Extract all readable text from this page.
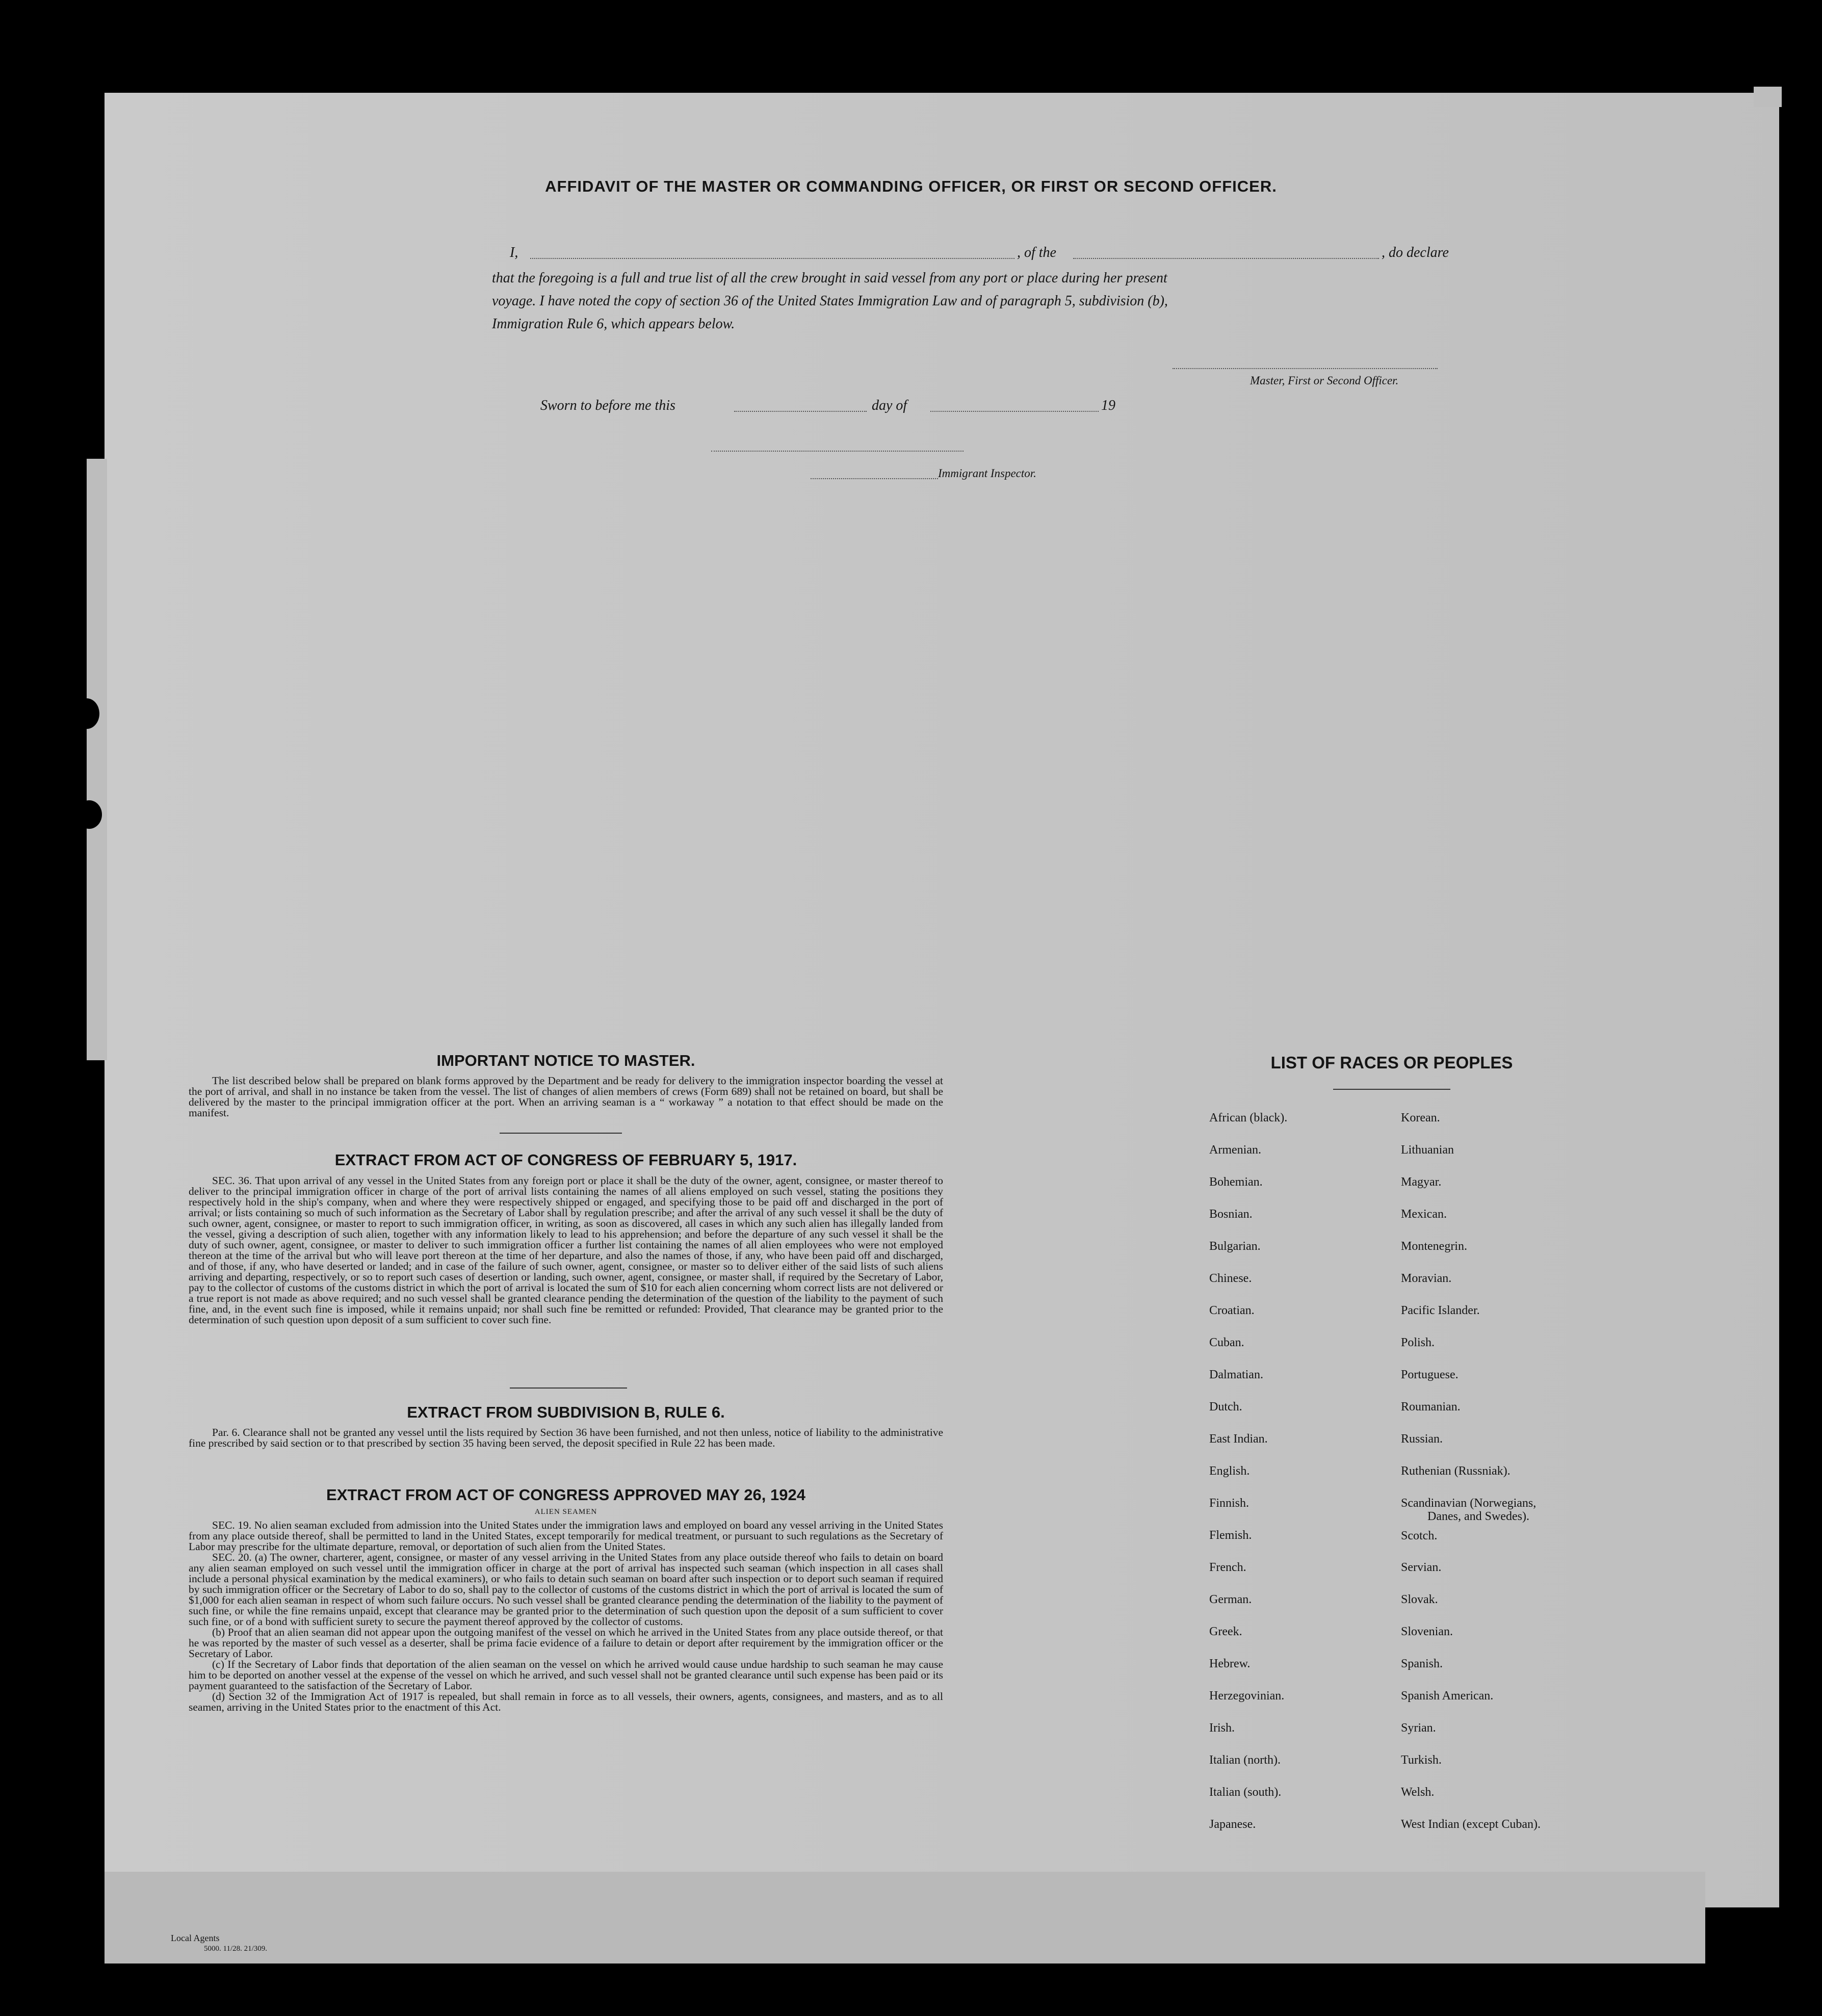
AFFIDAVIT OF THE MASTER OR COMMANDING OFFICER, OR FIRST OR SECOND OFFICER.
I,	, of the	, do declare
that the foregoing is a full and true list of all the crew brought in said vessel from any port or place during her present
voyage. I have noted the copy of section 36 of the United States Immigration Law and of paragraph 5, subdivision (b),
Immigration Rule 6, which appears below.
Master, First or Second Officer.
Sworn to before me this	day of	19
Immigrant Inspector.
IMPORTANT NOTICE TO MASTER.

The list described below shall be prepared on blank forms approved by the Department and be ready for delivery to the immigration inspector boarding the vessel at the port of arrival, and shall in no instance be taken from the vessel. The list of changes of alien members of crews (Form 689) shall not be retained on board, but shall be delivered by the master to the principal immigration officer at the port. When an arriving seaman is a “ workaway ” a notation to that effect should be made on the manifest.

EXTRACT FROM ACT OF CONGRESS OF FEBRUARY 5, 1917.

SEC. 36. That upon arrival of any vessel in the United States from any foreign port or place it shall be the duty of the owner, agent, consignee, or master thereof to deliver to the principal immigration officer in charge of the port of arrival lists containing the names of all aliens employed on such vessel, stating the positions they respectively hold in the ship's company, when and where they were respectively shipped or engaged, and specifying those to be paid off and discharged in the port of arrival; or lists containing so much of such information as the Secretary of Labor shall by regulation prescribe; and after the arrival of any such vessel it shall be the duty of such owner, agent, consignee, or master to report to such immigration officer, in writing, as soon as discovered, all cases in which any such alien has illegally landed from the vessel, giving a description of such alien, together with any information likely to lead to his apprehension; and before the departure of any such vessel it shall be the duty of such owner, agent, consignee, or master to deliver to such immigration officer a further list containing the names of all alien employees who were not employed thereon at the time of the arrival but who will leave port thereon at the time of her departure, and also the names of those, if any, who have been paid off and discharged, and of those, if any, who have deserted or landed; and in case of the failure of such owner, agent, consignee, or master so to deliver either of the said lists of such aliens arriving and departing, respectively, or so to report such cases of desertion or landing, such owner, agent, consignee, or master shall, if required by the Secretary of Labor, pay to the collector of customs of the customs district in which the port of arrival is located the sum of $10 for each alien concerning whom correct lists are not delivered or a true report is not made as above required; and no such vessel shall be granted clearance pending the determination of the question of the liability to the payment of such fine, and, in the event such fine is imposed, while it remains unpaid; nor shall such fine be remitted or refunded: Provided, That clearance may be granted prior to the determination of such question upon deposit of a sum sufficient to cover such fine.

EXTRACT FROM SUBDIVISION B, RULE 6.

Par. 6. Clearance shall not be granted any vessel until the lists required by Section 36 have been furnished, and not then unless, notice of liability to the administrative fine prescribed by said section or to that prescribed by section 35 having been served, the deposit specified in Rule 22 has been made.

EXTRACT FROM ACT OF CONGRESS APPROVED MAY 26, 1924
ALIEN SEAMEN

SEC. 19. No alien seaman excluded from admission into the United States under the immigration laws and employed on board any vessel arriving in the United States from any place outside thereof, shall be permitted to land in the United States, except temporarily for medical treatment, or pursuant to such regulations as the Secretary of Labor may prescribe for the ultimate departure, removal, or deportation of such alien from the United States.

SEC. 20. (a) The owner, charterer, agent, consignee, or master of any vessel arriving in the United States from any place outside thereof who fails to detain on board any alien seaman employed on such vessel until the immigration officer in charge at the port of arrival has inspected such seaman (which inspection in all cases shall include a personal physical examination by the medical examiners), or who fails to detain such seaman on board after such inspection or to deport such seaman if required by such immigration officer or the Secretary of Labor to do so, shall pay to the collector of customs of the customs district in which the port of arrival is located the sum of $1,000 for each alien seaman in respect of whom such failure occurs. No such vessel shall be granted clearance pending the determination of the liability to the payment of such fine, or while the fine remains unpaid, except that clearance may be granted prior to the determination of such question upon the deposit of a sum sufficient to cover such fine, or of a bond with sufficient surety to secure the payment thereof approved by the collector of customs.

(b) Proof that an alien seaman did not appear upon the outgoing manifest of the vessel on which he arrived in the United States from any place outside thereof, or that he was reported by the master of such vessel as a deserter, shall be prima facie evidence of a failure to detain or deport after requirement by the immigration officer or the Secretary of Labor.

(c) If the Secretary of Labor finds that deportation of the alien seaman on the vessel on which he arrived would cause undue hardship to such seaman he may cause him to be deported on another vessel at the expense of the vessel on which he arrived, and such vessel shall not be granted clearance until such expense has been paid or its payment guaranteed to the satisfaction of the Secretary of Labor.

(d) Section 32 of the Immigration Act of 1917 is repealed, but shall remain in force as to all vessels, their owners, agents, consignees, and masters, and as to all seamen, arriving in the United States prior to the enactment of this Act.

LIST OF RACES OR PEOPLES
African (black).
Armenian.
Bohemian.
Bosnian.
Bulgarian.
Chinese.
Croatian.
Cuban.
Dalmatian.
Dutch.
East Indian.
English.
Finnish.
Flemish.
French.
German.
Greek.
Hebrew.
Herzegovinian.
Irish.
Italian (north).
Italian (south).
Japanese.
Korean.
Lithuanian
Magyar.
Mexican.
Montenegrin.
Moravian.
Pacific Islander.
Polish.
Portuguese.
Roumanian.
Russian.
Ruthenian (Russniak).
Scandinavian (Norwegians,
Danes, and Swedes).
Scotch.
Servian.
Slovak.
Slovenian.
Spanish.
Spanish American.
Syrian.
Turkish.
Welsh.
West Indian (except Cuban).
Local Agents
5000. 11/28. 21/309.
